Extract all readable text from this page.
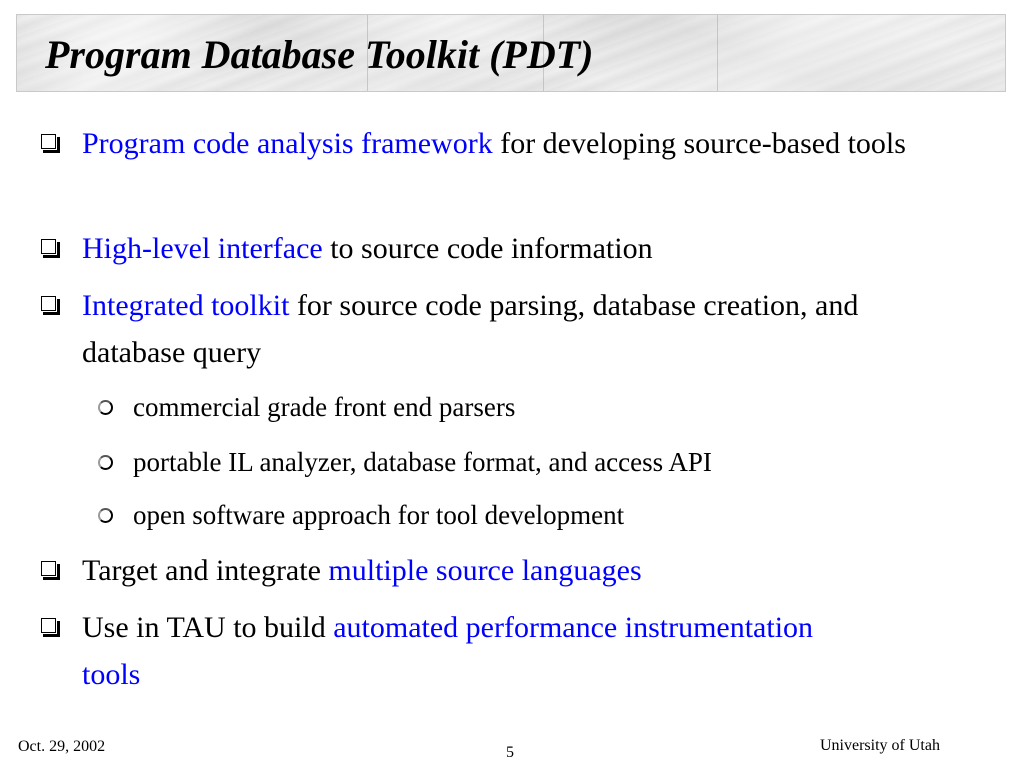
Program Database Toolkit (PDT)
Program code analysis framework for developing source-based tools
High-level interface to source code information
Integrated toolkit for source code parsing, database creation, and database query
commercial grade front end parsers
portable IL analyzer, database format, and access API
open software approach for tool development
Target and integrate multiple source languages
Use in TAU to build automated performance instrumentation tools
Oct. 29, 2002	5	University of Utah
